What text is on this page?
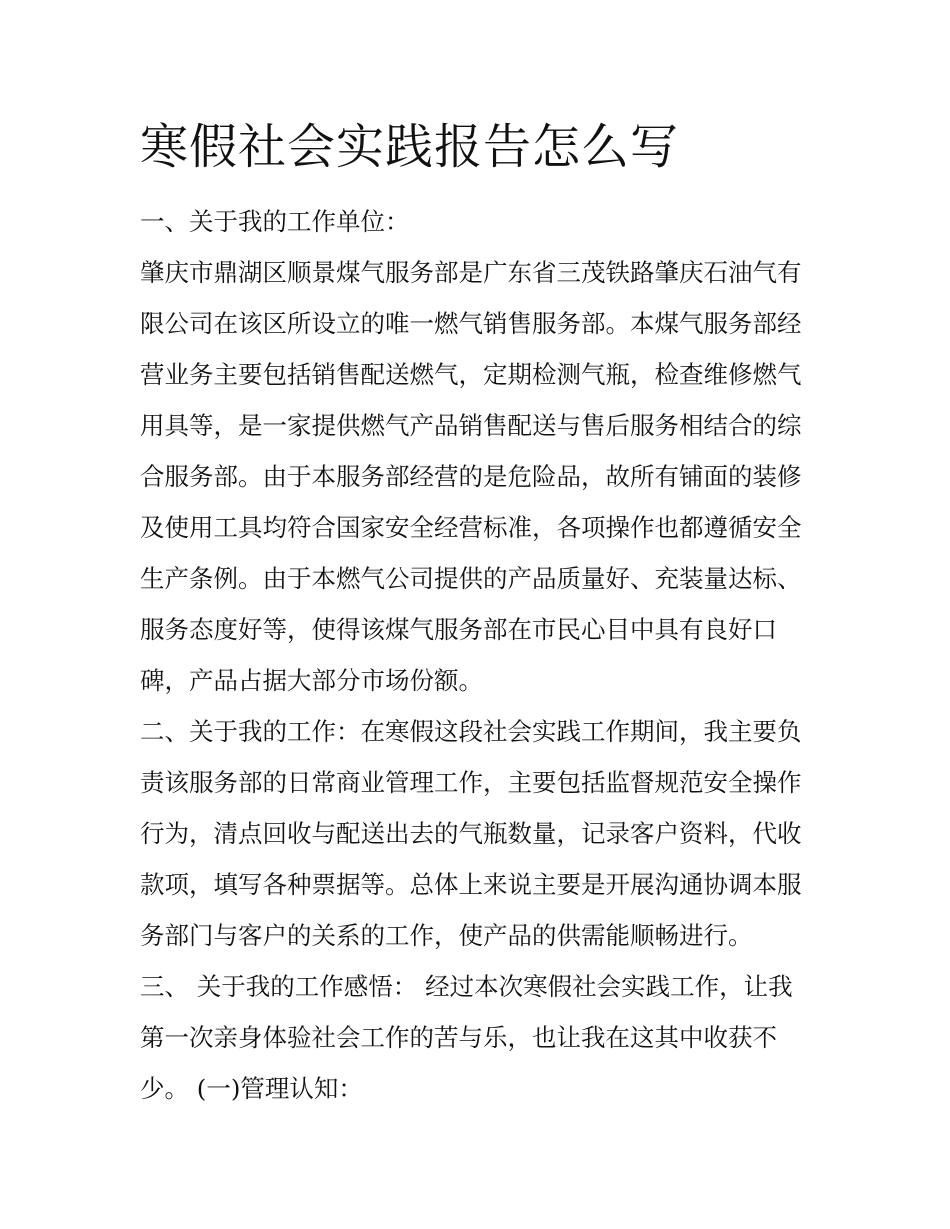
寒假社会实践报告怎么写

一、关于我的工作单位：

肇庆市鼎湖区顺景煤气服务部是广东省三茂铁路肇庆石油气有

限公司在该区所设立的唯一燃气销售服务部。本煤气服务部经

营业务主要包括销售配送燃气，定期检测气瓶，检查维修燃气

用具等，是一家提供燃气产品销售配送与售后服务相结合的综

合服务部。由于本服务部经营的是危险品，故所有铺面的装修

及使用工具均符合国家安全经营标准，各项操作也都遵循安全

生产条例。由于本燃气公司提供的产品质量好、充装量达标、

服务态度好等，使得该煤气服务部在市民心目中具有良好口

碑，产品占据大部分市场份额。

二、关于我的工作：在寒假这段社会实践工作期间，我主要负

责该服务部的日常商业管理工作，主要包括监督规范安全操作

行为，清点回收与配送出去的气瓶数量，记录客户资料，代收

款项，填写各种票据等。总体上来说主要是开展沟通协调本服

务部门与客户的关系的工作，使产品的供需能顺畅进行。

三、 关于我的工作感悟： 经过本次寒假社会实践工作，让我

第一次亲身体验社会工作的苦与乐，也让我在这其中收获不

少。 (一)管理认知：
